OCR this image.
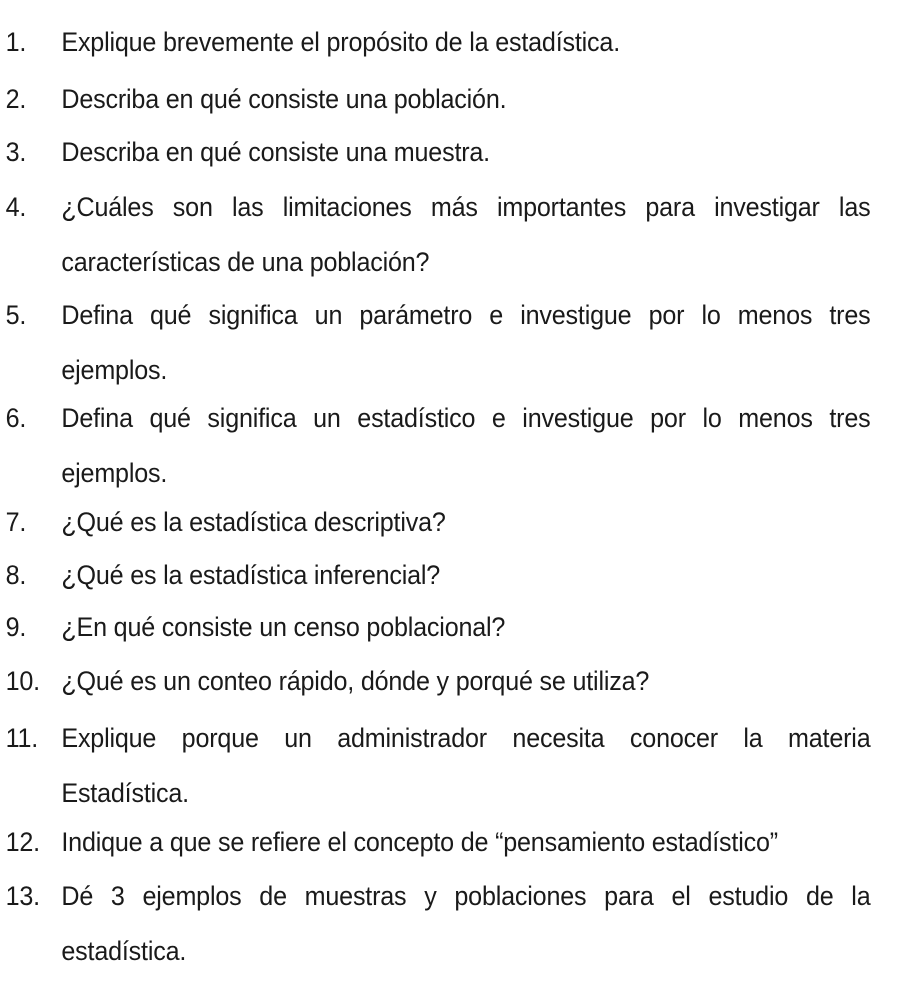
1.	Explique brevemente el propósito de la estadística.
2.	Describa en qué consiste una población.
3.	Describa en qué consiste una muestra.
4.	¿Cuáles son las limitaciones más importantes para investigar las
características de una población?
5.	Defina qué significa un parámetro e investigue por lo menos tres
ejemplos.
6.	Defina qué significa un estadístico e investigue por lo menos tres
ejemplos.
7.	¿Qué es la estadística descriptiva?
8.	¿Qué es la estadística inferencial?
9.	¿En qué consiste un censo poblacional?
10. ¿Qué es un conteo rápido, dónde y porqué se utiliza?
11. Explique porque un administrador necesita conocer la materia
Estadística.
12. Indique a que se refiere el concepto de “pensamiento estadístico”
13. Dé 3 ejemplos de muestras y poblaciones para el estudio de la
estadística.
